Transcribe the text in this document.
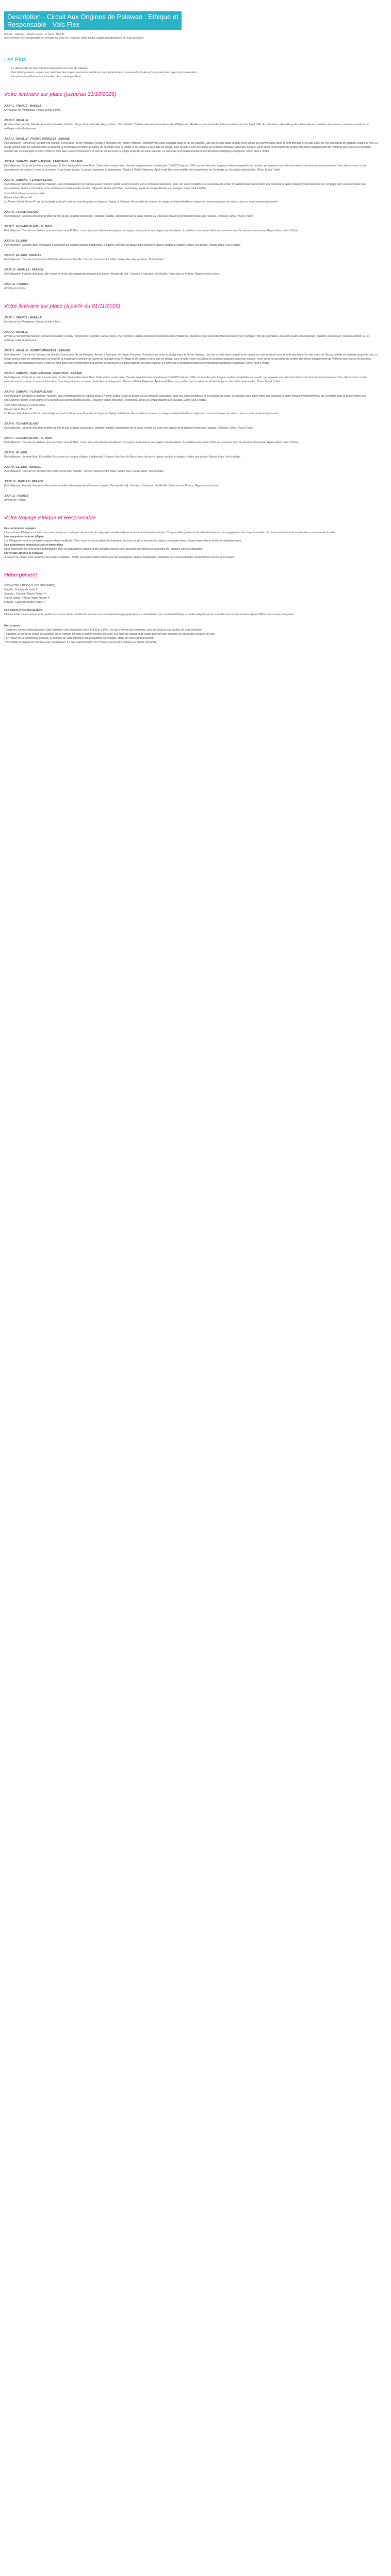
Description - Circuit Aux Origines de Palawan : Ethique et
Responsable - Vols Flex

Manille - Sabang - Flower Island - El Nido - Manille

Une aventure éco-responsable en prenant au cœur de Palawan, entre jungle, plages paradisiaques et récifs protégés.

Les Plus
• La découverte de sites naturels d'exception au cœur de Palawan
• Des hébergements conçus pour minimiser leur impact environnemental tout en impliquant les communautés locales et soutenant des projets de conservation
• Un rythme équilibré entre exploration douce et temps libres
Votre itinéraire sur place (jusqu'au 31/10/2026)

JOUR 1 : FRANCE - MANILLE

Envol pour les Philippines. Repas et nuit à bord.

JOUR 2 : MANILLE

Arrivée à l'aéroport de Manille. Accueil et transfert à l'hôtel. Temps libre à Manille. Repas libres. Nuit à l'hôtel. Capitale vibrante et turbulente des Philippines, Manille est une porte d'entrée fascinante vers l'archipel. Ville de contrastes, elle mêle gratte-ciel modernes, quartiers historiques, marchés animés et un mélange culturel détonnant.

JOUR 3 : MANILLE - PUERTO PRINCESA - SABANG

Petit déjeuner. Transfert à l'aéroport de Manille. Envol pour l'île de Palawan. Arrivée à l'aéroport de Puerto Princesa. Transfert vers votre écolodge dans le fief de Sabang. Une fois installé dans ce petit écrin ouvert de charme niché dans la forêt primaire et la côte ouest de l'île, possibilité de marcher jusqu'à la mer. Le rivage proche offre un hébergement au bord de la mangrove et profiter du calme de la jungle avec le village et de plages à deux pas du village, pour revenir à une excursion où la nature tropicale séduit par sa paix. Vous aurez la possibilité de profiter des divers équipements de l'hôtel tel que spa ou les piscines. Conduit par un écologiste inspiré, l'hôtel se fond dans son environnement et permet de découvrir la jungle tropicale en toute sécurité. La ferme de la propriété produit une importance biologique et agricole. Dîner. Nuit à l'hôtel.

JOUR 4 : SABANG - PARC NATIONAL SAINT PAUL - SABANG

Petit déjeuner. Visite de la rivière souterraine du Parc National de Saint Paul. Cette rivière souterraine, classée au patrimoine mondial par l'UNESCO depuis 1999, est une des plus longues rivières navigables au monde, qui serpente sous des formations calcaires impressionnantes. Vous découvrirez ce site exceptionnel en bateau à rame, à la lumière d'une lampe torche, à travers stalactites et stalagmites. Retour à l'hôtel. Déjeuner. Après-midi libre pour profiter des installations de l'écolodge ou d'activités optionnelles. Dîner. Nuit à l'hôtel.

JOUR 5 : SABANG - FLOWER ISLAND

Petit déjeuner. Direction le nord de Palawan, puis embarquement en bateau jusqu'à Flower Island. Cette île privée est un véritable sanctuaire, avec ses eaux cristallines et sa barrière de corail. Installation dans votre hôtel, une structure à faible impact environnemental qui s'engage dans la préservation des écosystèmes marins et terrestres et le soutien aux communautés locales. Déjeuner. Après-midi libre : snorkeling, kayak ou simple détente sur la plage. Dîner. Nuit à l'hôtel.

Votre hôtel éthique et responsable :
Flower Island Resort 4*
Le Flower Island Resort 4* est un écolodge exclusif niché sur une île privée au large de Taytay, à Palawan. Accessible en bateau, ce refuge confidentiel offre un séjour en communion avec la nature, dans un environnement préservé.

JOUR 6 : FLOWER ISLAND

Petit déjeuner. Journée libre pour profiter de l'île et des activités proposées : plongée, paddle, observation de la faune marine ou visite des projets de protection menés par l'équipe. Déjeuner. Dîner. Nuit à l'hôtel.

JOUR 7 : FLOWER ISLAND - EL NIDO

Petit déjeuner. Transfert en bateau puis en voiture vers El Nido, connu pour ses falaises karstiques, ses lagons turquoise et ses plages spectaculaires. Installation dans votre hôtel, en harmonie avec la nature environnante. Repas libres. Nuit à l'hôtel.

JOUR 8 : EL NIDO

Petit déjeuner. Journée libre. Possibilité d'excursion en bangka (bateau traditionnel) à travers l'archipel de Bacuit pour découvrir lagons, grottes et plages isolées (en option). Repas libres. Nuit à l'hôtel.

JOUR 9 : EL NIDO - MANILLE

Petit déjeuner. Transfert à l'aéroport d'El Nido. Envol pour Manille. Transfert jusqu'à votre hôtel. Soirée libre. Repas libres. Nuit à l'hôtel.

JOUR 10 : MANILLE - FRANCE

Petit déjeuner. Matinée libre pour aller visiter la vieille ville espagnole d'Intramuros (selon l'horaire de vol). Transfert à l'aéroport de Manille. Envol pour la France. Repas et nuit à bord.

JOUR 11 : FRANCE

Arrivée en France.

Votre itinéraire sur place (à partir du 01/11/2026)

JOUR 1 : FRANCE - MANILLE

Envol pour les Philippines. Repas et nuit à bord.

JOUR 2 : MANILLE

Arrivée à l'aéroport de Manille. Accueil et transfert à l'hôtel. Temps libre à Manille. Repas libres. Nuit à l'hôtel. Capitale vibrante et turbulente des Philippines, Manille est une porte d'entrée fascinante vers l'archipel. Ville de contrastes, elle mêle gratte-ciel modernes, quartiers historiques, marchés animés et un mélange culturel détonnant.

JOUR 3 : MANILLE - PUERTO PRINCESA - SABANG

Petit déjeuner. Transfert à l'aéroport de Manille. Envol pour l'île de Palawan. Arrivée à l'aéroport de Puerto Princesa. Transfert vers votre écolodge dans le fief de Sabang. Une fois installé dans ce petit écrin ouvert de charme niché dans la forêt primaire et la côte ouest de l'île, possibilité de marcher jusqu'à la mer. Le rivage proche offre un hébergement au bord de la mangrove et profiter du calme de la jungle avec le village et de plages à deux pas du village, pour revenir à une excursion où la nature tropicale séduit par sa paix. Vous aurez la possibilité de profiter des divers équipements de l'hôtel tel que spa ou les piscines. Conduit par un écologiste inspiré, l'hôtel se fond dans son environnement et permet de découvrir la jungle tropicale en toute sécurité. La ferme de la propriété produit une importance biologique et agricole. Dîner. Nuit à l'hôtel.

JOUR 4 : SABANG - PARC NATIONAL SAINT PAUL - SABANG

Petit déjeuner. Visite de la rivière souterraine du Parc National de Saint Paul. Cette rivière souterraine, classée au patrimoine mondial par l'UNESCO depuis 1999, est une des plus longues rivières navigables au monde, qui serpente sous des formations calcaires impressionnantes. Vous découvrirez ce site exceptionnel en bateau à rame, à la lumière d'une lampe torche, à travers stalactites et stalagmites. Retour à l'hôtel. Déjeuner. Après-midi libre pour profiter des installations de l'écolodge ou d'activités optionnelles. Dîner. Nuit à l'hôtel.

JOUR 5 : SABANG - FLOWER ISLAND

Petit déjeuner. Direction le nord de Palawan, puis embarquement en bateau jusqu'à Flower Island. Cette île privée est un véritable sanctuaire, avec ses eaux cristallines et sa barrière de corail. Installation dans votre hôtel, une structure à faible impact environnemental qui s'engage dans la préservation des écosystèmes marins et terrestres et le soutien aux communautés locales. Déjeuner. Après-midi libre : snorkeling, kayak ou simple détente sur la plage. Dîner. Nuit à l'hôtel.

Votre hôtel éthique et responsable :
Flower Island Resort 4*
Le Flower Island Resort 4* est un écolodge exclusif niché sur une île privée au large de Taytay, à Palawan. Accessible en bateau, ce refuge confidentiel offre un séjour en communion avec la nature, dans un environnement préservé.

JOUR 6 : FLOWER ISLAND

Petit déjeuner. Journée libre pour profiter de l'île et des activités proposées : plongée, paddle, observation de la faune marine ou visite des projets de protection menés par l'équipe. Déjeuner. Dîner. Nuit à l'hôtel.

JOUR 7 : FLOWER ISLAND - EL NIDO

Petit déjeuner. Transfert en bateau puis en voiture vers El Nido, connu pour ses falaises karstiques, ses lagons turquoise et ses plages spectaculaires. Installation dans votre hôtel, en harmonie avec la nature environnante. Repas libres. Nuit à l'hôtel.

JOUR 8 : EL NIDO

Petit déjeuner. Journée libre. Possibilité d'excursion en bangka (bateau traditionnel) à travers l'archipel de Bacuit pour découvrir lagons, grottes et plages isolées (en option). Repas libres. Nuit à l'hôtel.

JOUR 9 : EL NIDO - MANILLE

Petit déjeuner. Transfert à l'aéroport d'El Nido. Envol pour Manille. Transfert jusqu'à votre hôtel. Soirée libre. Repas libres. Nuit à l'hôtel.

JOUR 10 : MANILLE - FRANCE

Petit déjeuner. Matinée libre pour aller visiter la vieille ville espagnole d'Intramuros (selon l'horaire de vol). Transfert à l'aéroport de Manille. Envol pour la France. Repas et nuit à bord.

JOUR 11 : FRANCE

Arrivée en France.

Votre Voyage Ethique et Responsable

Des partenaires engagés

Ce circuit aux Philippines a été conçu avec soin pour conjuguer découverte des paysages emblématiques et respect de l'environnement. Chaque hébergement a été sélectionné pour son engagement dans la préservation de l'environnement et le soutien des communautés locales.

Une empreinte carbone allégée

Les Philippines sont un archipel composé d'une multitude d'îles ; nous avons privilégié les transferts les plus courts et favorisé les séjours prolongés dans chaque étape afin de limiter les déplacements.

Des expériences respectueuses et immersives

Nous favorisons les rencontres authentiques avec les populations locales et des activités douces pour découvrir les richesses naturelles de l'archipel sans les dégrader.

Un voyage éthique et solidaire

À travers ce circuit, vous soutenez des projets engagés : hôtels écoresponsables fondés par des écologistes, fermes biologiques, initiatives de conservation des écosystèmes marins et terrestres.

Hébergement

VOS HOTELS PREVUS (OU SIMILAIRES)

Manille : The Manila Hotel 4*

Sabang : Sheridan Beach Resort 4*

Flower Island : Flower Island Resort 4*

El Nido : Cauayan Island Resort 4*

CLASSIFICATION HOTELIERE

Chaque hôtel a été choisi pour la qualité de son accueil, la qualité des services et son implantation géographique. La classification (en nombre d'étoiles) est celle indiquée par les autorités touristiques locales et peut différer des normes françaises.

Bon à savoir

* Selon les normes internationales, votre chambre sera disponible entre 12h30 et 15h00. En cas d'arrivée plus matinale, vous ne pourrez pas profiter de votre chambre.

* Attention, la durée du séjour est calculée sur le nombre de nuits et non le nombre de jours. Les jours de départ et de retour peuvent être amputés en raison des horaires de vols.

* En raison de la conjoncture actuelle, le contenu de votre itinéraire est susceptible de changer. Merci de votre compréhension.

* Possibilité de départ de province avec supplément. Le prix acheminement de Province pourra être indiqué sur simple demande.
